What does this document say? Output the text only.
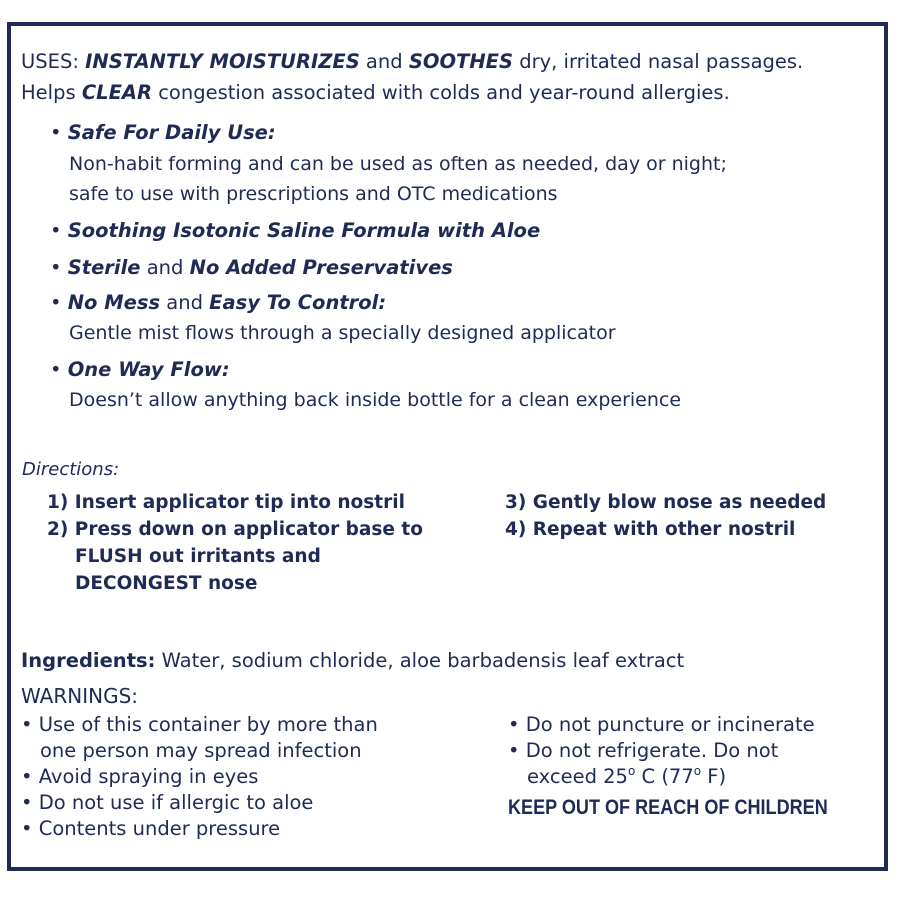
USES: INSTANTLY MOISTURIZES and SOOTHES dry, irritated nasal passages.
Helps CLEAR congestion associated with colds and year-round allergies.
• Safe For Daily Use:
Non-habit forming and can be used as often as needed, day or night;
safe to use with prescriptions and OTC medications
• Soothing Isotonic Saline Formula with Aloe
• Sterile and No Added Preservatives
• No Mess and Easy To Control:
Gentle mist flows through a specially designed applicator
• One Way Flow:
Doesn’t allow anything back inside bottle for a clean experience
Directions:
1) Insert applicator tip into nostril
2) Press down on applicator base to
FLUSH out irritants and
DECONGEST nose
3) Gently blow nose as needed
4) Repeat with other nostril
Ingredients: Water, sodium chloride, aloe barbadensis leaf extract
WARNINGS:
• Use of this container by more than
one person may spread infection
• Avoid spraying in eyes
• Do not use if allergic to aloe
• Contents under pressure
• Do not puncture or incinerate
• Do not refrigerate. Do not
exceed 25$^o$ C (77$^o$ F)
KEEP OUT OF REACH OF CHILDREN
